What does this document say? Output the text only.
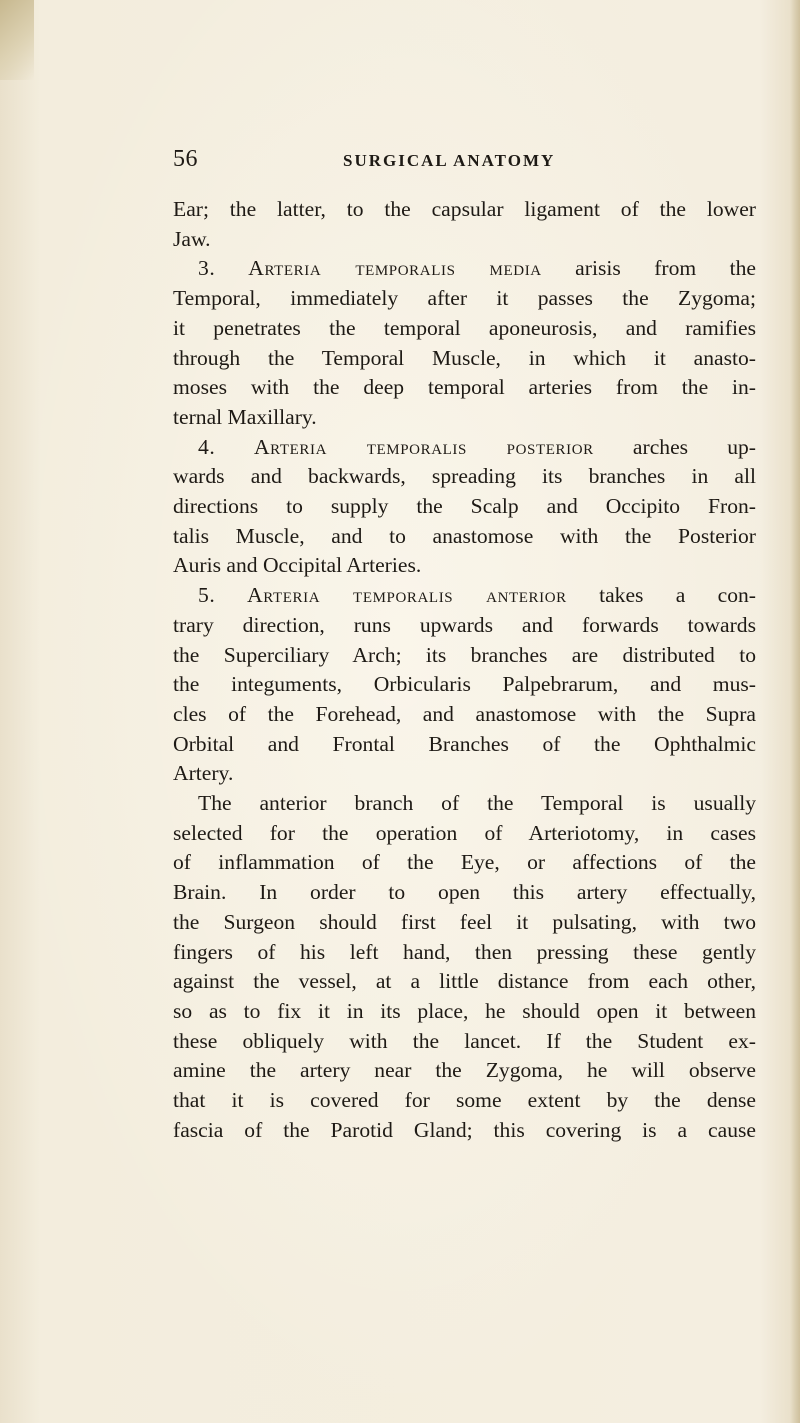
56	SURGICAL ANATOMY

Ear; the latter, to the capsular ligament of the lower

Jaw.

3. Arteria temporalis media arisis from the

Temporal, immediately after it passes the Zygoma;

it penetrates the temporal aponeurosis, and ramifies

through the Temporal Muscle, in which it anasto-

moses with the deep temporal arteries from the in-

ternal Maxillary.

4. Arteria temporalis posterior arches up-

wards and backwards, spreading its branches in all

directions to supply the Scalp and Occipito Fron-

talis Muscle, and to anastomose with the Posterior

Auris and Occipital Arteries.

5. Arteria temporalis anterior takes a con-

trary direction, runs upwards and forwards towards

the Superciliary Arch; its branches are distributed to

the integuments, Orbicularis Palpebrarum, and mus-

cles of the Forehead, and anastomose with the Supra

Orbital and Frontal Branches of the Ophthalmic

Artery.

The anterior branch of the Temporal is usually

selected for the operation of Arteriotomy, in cases

of inflammation of the Eye, or affections of the

Brain. In order to open this artery effectually,

the Surgeon should first feel it pulsating, with two

fingers of his left hand, then pressing these gently

against the vessel, at a little distance from each other,

so as to fix it in its place, he should open it between

these obliquely with the lancet. If the Student ex-

amine the artery near the Zygoma, he will observe

that it is covered for some extent by the dense

fascia of the Parotid Gland; this covering is a cause
